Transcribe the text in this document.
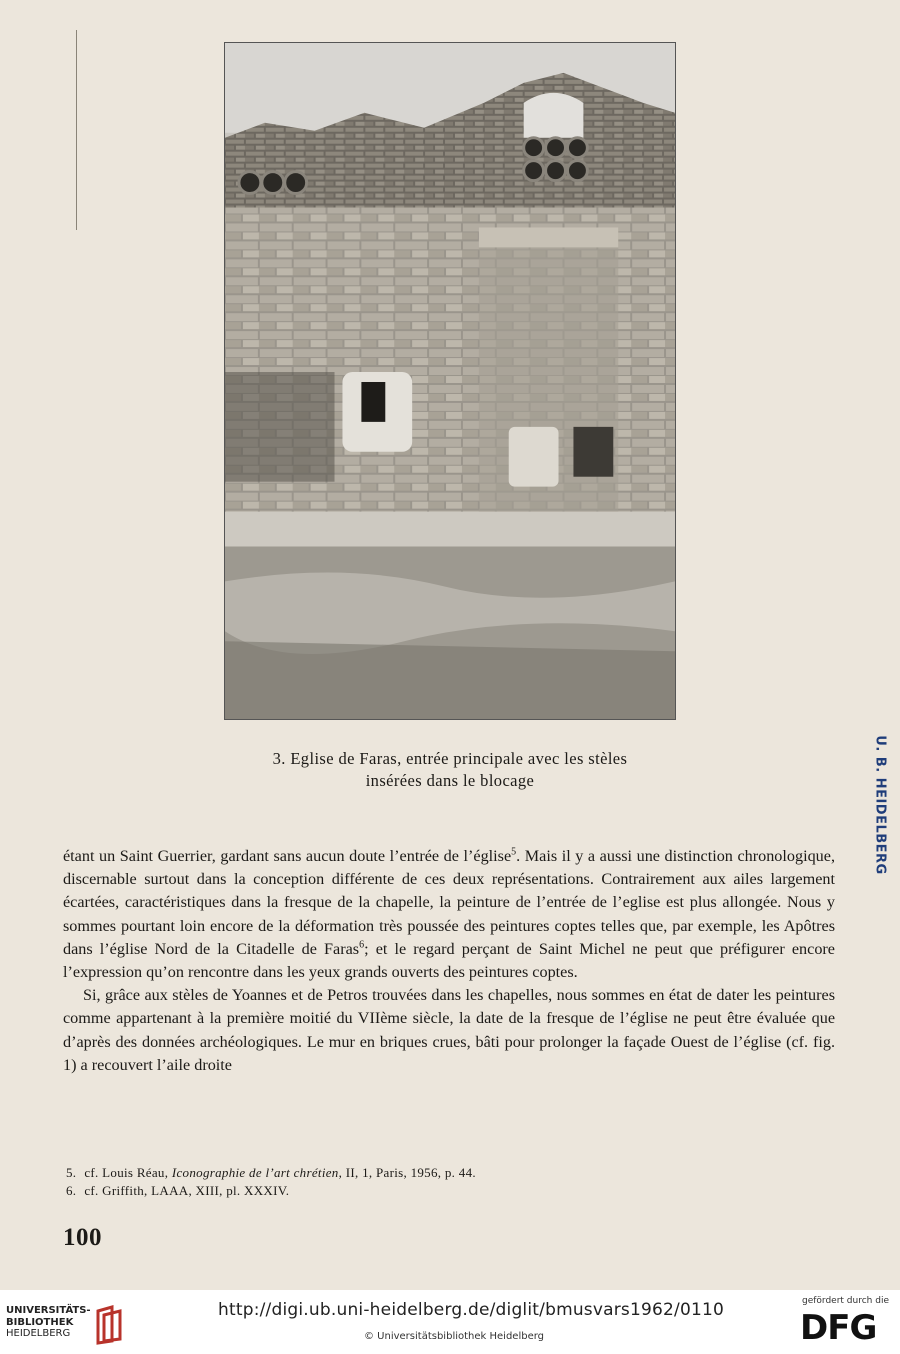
3. Eglise de Faras, entrée principale avec les stèles
insérées dans le blocage	U. B. HEIDELBERG

étant un Saint Guerrier, gardant sans aucun doute l’entrée de l’église$^5$. Mais il y a aussi une distinction chronologique, discernable surtout dans la conception différente de ces deux représentations. Contrairement aux ailes largement écartées, caractéristiques dans la fresque de la chapelle, la peinture de l’entrée de l’eglise est plus allongée. Nous y sommes pourtant loin encore de la déformation très poussée des peintures coptes telles que, par exemple, les Apôtres dans l’église Nord de la Citadelle de Faras$^6$; et le regard perçant de Saint Michel ne peut que préfigurer encore l’expression qu’on rencontre dans les yeux grands ouverts des peintures coptes.

Si, grâce aux stèles de Yoannes et de Petros trouvées dans les chapelles, nous sommes en état de dater les peintures comme appartenant à la première moitié du VIIème siècle, la date de la fresque de l’église ne peut être évaluée que d’après des données archéologiques. Le mur en briques crues, bâti pour prolonger la façade Ouest de l’église (cf. fig. 1) a recouvert l’aile droite

5. cf. Louis Réau, Iconographie de l’art chrétien, II, 1, Paris, 1956, p. 44.
6. cf. Griffith, LAAA, XIII, pl. XXXIV.
100
UNIVERSITÄTS-
BIBLIOTHEK
HEIDELBERG
http://digi.ub.uni-heidelberg.de/diglit/bmusvars1962/0110
© Universitätsbibliothek Heidelberg
gefördert durch die
DFG
